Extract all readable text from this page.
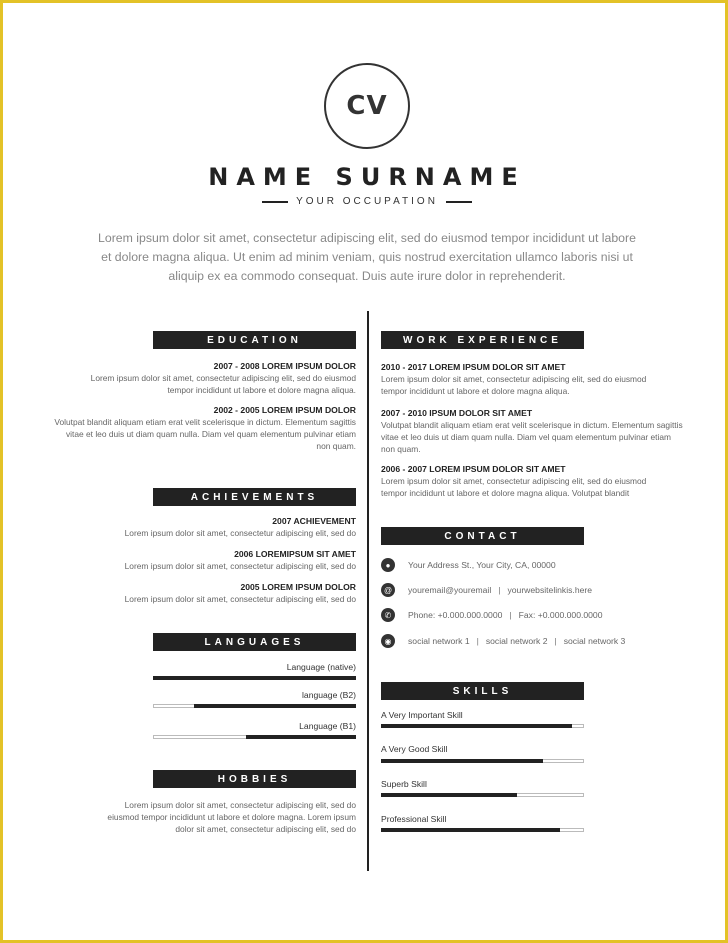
CV
NAME SURNAME
YOUR OCCUPATION
Lorem ipsum dolor sit amet, consectetur adipiscing elit, sed do eiusmod tempor incididunt ut labore et dolore magna aliqua. Ut enim ad minim veniam, quis nostrud exercitation ullamco laboris nisi ut aliquip ex ea commodo consequat. Duis aute irure dolor in reprehenderit.
EDUCATION
2007 - 2008 LOREM IPSUM DOLOR
Lorem ipsum dolor sit amet, consectetur adipiscing elit, sed do eiusmod tempor incididunt ut labore et dolore magna aliqua.
2002 - 2005 LOREM IPSUM DOLOR
Volutpat blandit aliquam etiam erat velit scelerisque in dictum. Elementum sagittis vitae et leo duis ut diam quam nulla. Diam vel quam elementum pulvinar etiam non quam.
ACHIEVEMENTS
2007 ACHIEVEMENT
Lorem ipsum dolor sit amet, consectetur adipiscing elit, sed do
2006 LOREMIPSUM SIT AMET
Lorem ipsum dolor sit amet, consectetur adipiscing elit, sed do
2005 LOREM IPSUM DOLOR
Lorem ipsum dolor sit amet, consectetur adipiscing elit, sed do
LANGUAGES
Language (native)
language (B2)
Language (B1)
HOBBIES
Lorem ipsum dolor sit amet, consectetur adipiscing elit, sed do eiusmod tempor incididunt ut labore et dolore magna. Lorem ipsum dolor sit amet, consectetur adipiscing elit, sed do
WORK EXPERIENCE
2010 - 2017 LOREM IPSUM DOLOR SIT AMET
Lorem ipsum dolor sit amet, consectetur adipiscing elit, sed do eiusmod tempor incididunt ut labore et dolore magna aliqua.
2007 - 2010 IPSUM DOLOR SIT AMET
Volutpat blandit aliquam etiam erat velit scelerisque in dictum. Elementum sagittis vitae et leo duis ut diam quam nulla. Diam vel quam elementum pulvinar etiam non quam.
2006 - 2007 LOREM IPSUM DOLOR SIT AMET
Lorem ipsum dolor sit amet, consectetur adipiscing elit, sed do eiusmod tempor incididunt ut labore et dolore magna aliqua. Volutpat blandit
CONTACT
●	Your Address St., Your City, CA, 00000
@	youremail@youremail | yourwebsitelinkis.here
✆	Phone: +0.000.000.0000 | Fax: +0.000.000.0000
◉	social network 1 | social network 2 | social network 3
SKILLS
A Very Important Skill
A Very Good Skill
Superb Skill
Professional Skill
